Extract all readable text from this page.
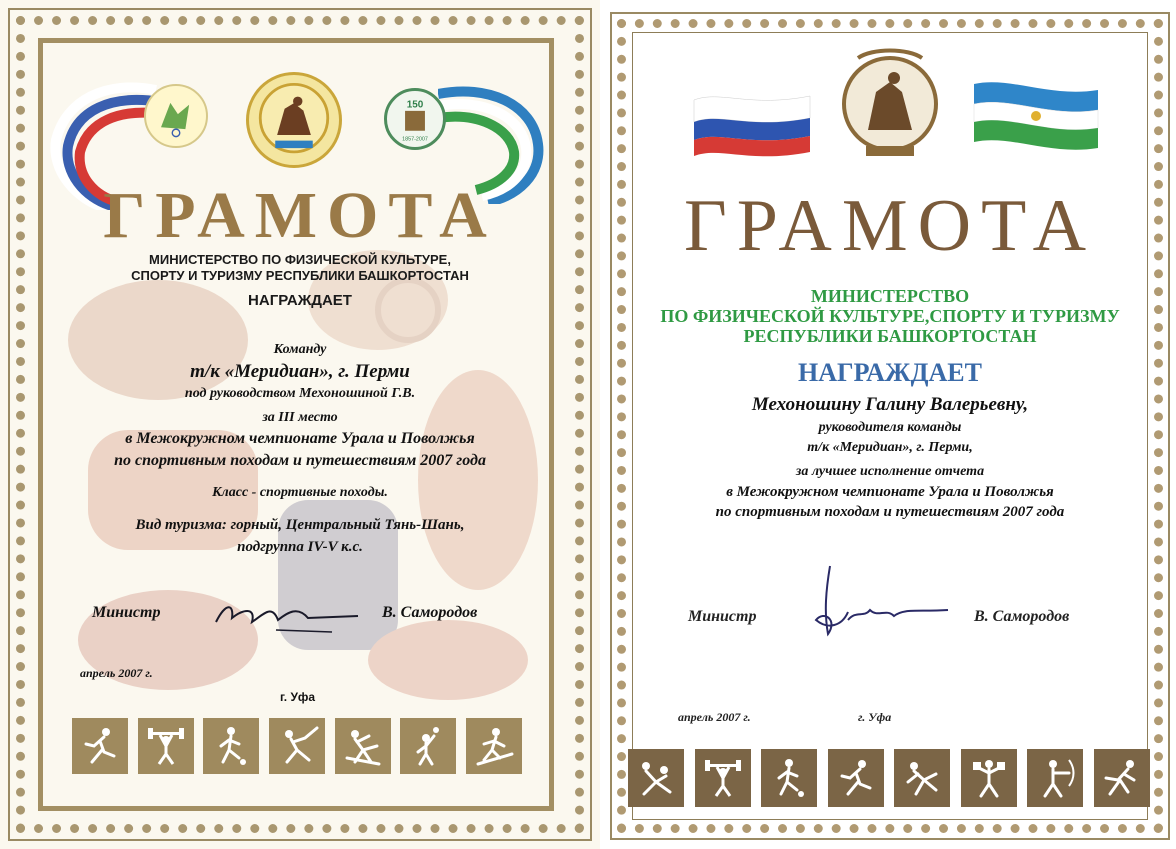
150
1857-2007
ГРАМОТА
МИНИСТЕРСТВО ПО ФИЗИЧЕСКОЙ КУЛЬТУРЕ,
СПОРТУ И ТУРИЗМУ РЕСПУБЛИКИ БАШКОРТОСТАН
НАГРАЖДАЕТ
Команду
т/к «Меридиан», г. Перми
под руководством Мехоношиной Г.В.
за III место
в Межокружном чемпионате Урала и Поволжья
по спортивным походам и путешествиям 2007 года
Класс - спортивные походы.
Вид туризма: горный, Центральный Тянь-Шань,
подгруппа IV-V к.с.
Министр	В. Самородов
апрель 2007 г.
г. Уфа
ГРАМОТА
МИНИСТЕРСТВО
ПО ФИЗИЧЕСКОЙ КУЛЬТУРЕ,СПОРТУ И ТУРИЗМУ
РЕСПУБЛИКИ БАШКОРТОСТАН
НАГРАЖДАЕТ
Мехоношину Галину Валерьевну,
руководителя команды
т/к «Меридиан», г. Перми,
за лучшее исполнение отчета
в Межокружном чемпионате Урала и Поволжья
по спортивным походам и путешествиям 2007 года
Министр	В. Самородов
апрель 2007 г.	г. Уфа
